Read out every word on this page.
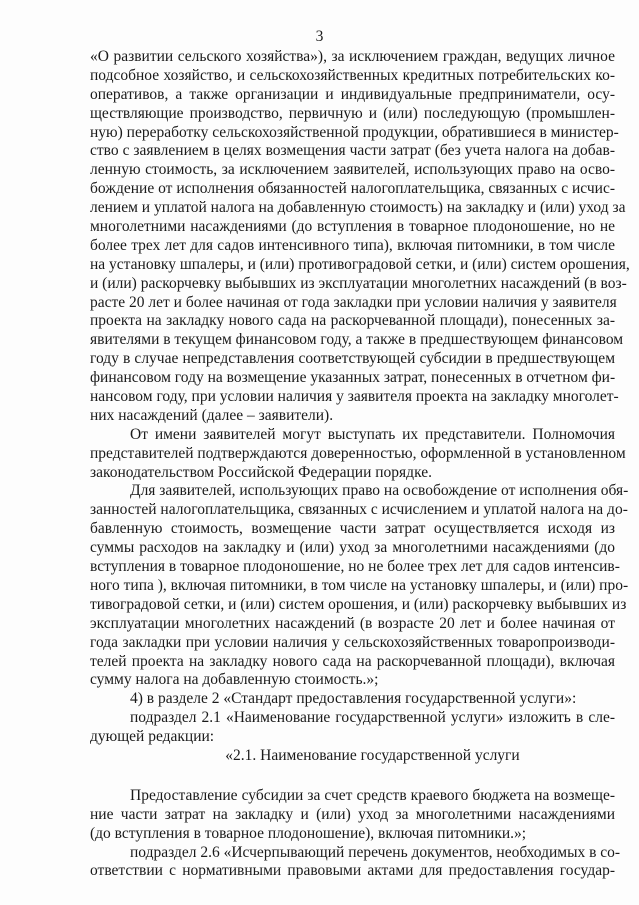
3
«О развитии сельского хозяйства»), за исключением граждан, ведущих личное
подсобное хозяйство, и сельскохозяйственных кредитных потребительских ко-
оперативов, а также организации и индивидуальные предприниматели, осу-
ществляющие производство, первичную и (или) последующую (промышлен-
ную) переработку сельскохозяйственной продукции, обратившиеся в министер-
ство с заявлением в целях возмещения части затрат (без учета налога на добав-
ленную стоимость, за исключением заявителей, использующих право на осво-
бождение от исполнения обязанностей налогоплательщика, связанных с исчис-
лением и уплатой налога на добавленную стоимость) на закладку и (или) уход за
многолетними насаждениями (до вступления в товарное плодоношение, но не
более трех лет для садов интенсивного типа), включая питомники, в том числе
на установку шпалеры, и (или) противоградовой сетки, и (или) систем орошения,
и (или) раскорчевку выбывших из эксплуатации многолетних насаждений (в воз-
расте 20 лет и более начиная от года закладки при условии наличия у заявителя
проекта на закладку нового сада на раскорчеванной площади), понесенных за-
явителями в текущем финансовом году, а также в предшествующем финансовом
году в случае непредставления соответствующей субсидии в предшествующем
финансовом году на возмещение указанных затрат, понесенных в отчетном фи-
нансовом году, при условии наличия у заявителя проекта на закладку многолет-
них насаждений (далее – заявители).
От имени заявителей могут выступать их представители. Полномочия
представителей подтверждаются доверенностью, оформленной в установленном
законодательством Российской Федерации порядке.
Для заявителей, использующих право на освобождение от исполнения обя-
занностей налогоплательщика, связанных с исчислением и уплатой налога на до-
бавленную стоимость, возмещение части затрат осуществляется исходя из
суммы расходов на закладку и (или) уход за многолетними насаждениями (до
вступления в товарное плодоношение, но не более трех лет для садов интенсив-
ного типа ), включая питомники, в том числе на установку шпалеры, и (или) про-
тивоградовой сетки, и (или) систем орошения, и (или) раскорчевку выбывших из
эксплуатации многолетних насаждений (в возрасте 20 лет и более начиная от
года закладки при условии наличия у сельскохозяйственных товаропроизводи-
телей проекта на закладку нового сада на раскорчеванной площади), включая
сумму налога на добавленную стоимость.»;
4) в разделе 2 «Стандарт предоставления государственной услуги»:
подраздел 2.1 «Наименование государственной услуги» изложить в сле-
дующей редакции:
«2.1. Наименование государственной услуги
Предоставление субсидии за счет средств краевого бюджета на возмеще-
ние части затрат на закладку и (или) уход за многолетними насаждениями
(до вступления в товарное плодоношение), включая питомники.»;
подраздел 2.6 «Исчерпывающий перечень документов, необходимых в со-
ответствии с нормативными правовыми актами для предоставления государ-
